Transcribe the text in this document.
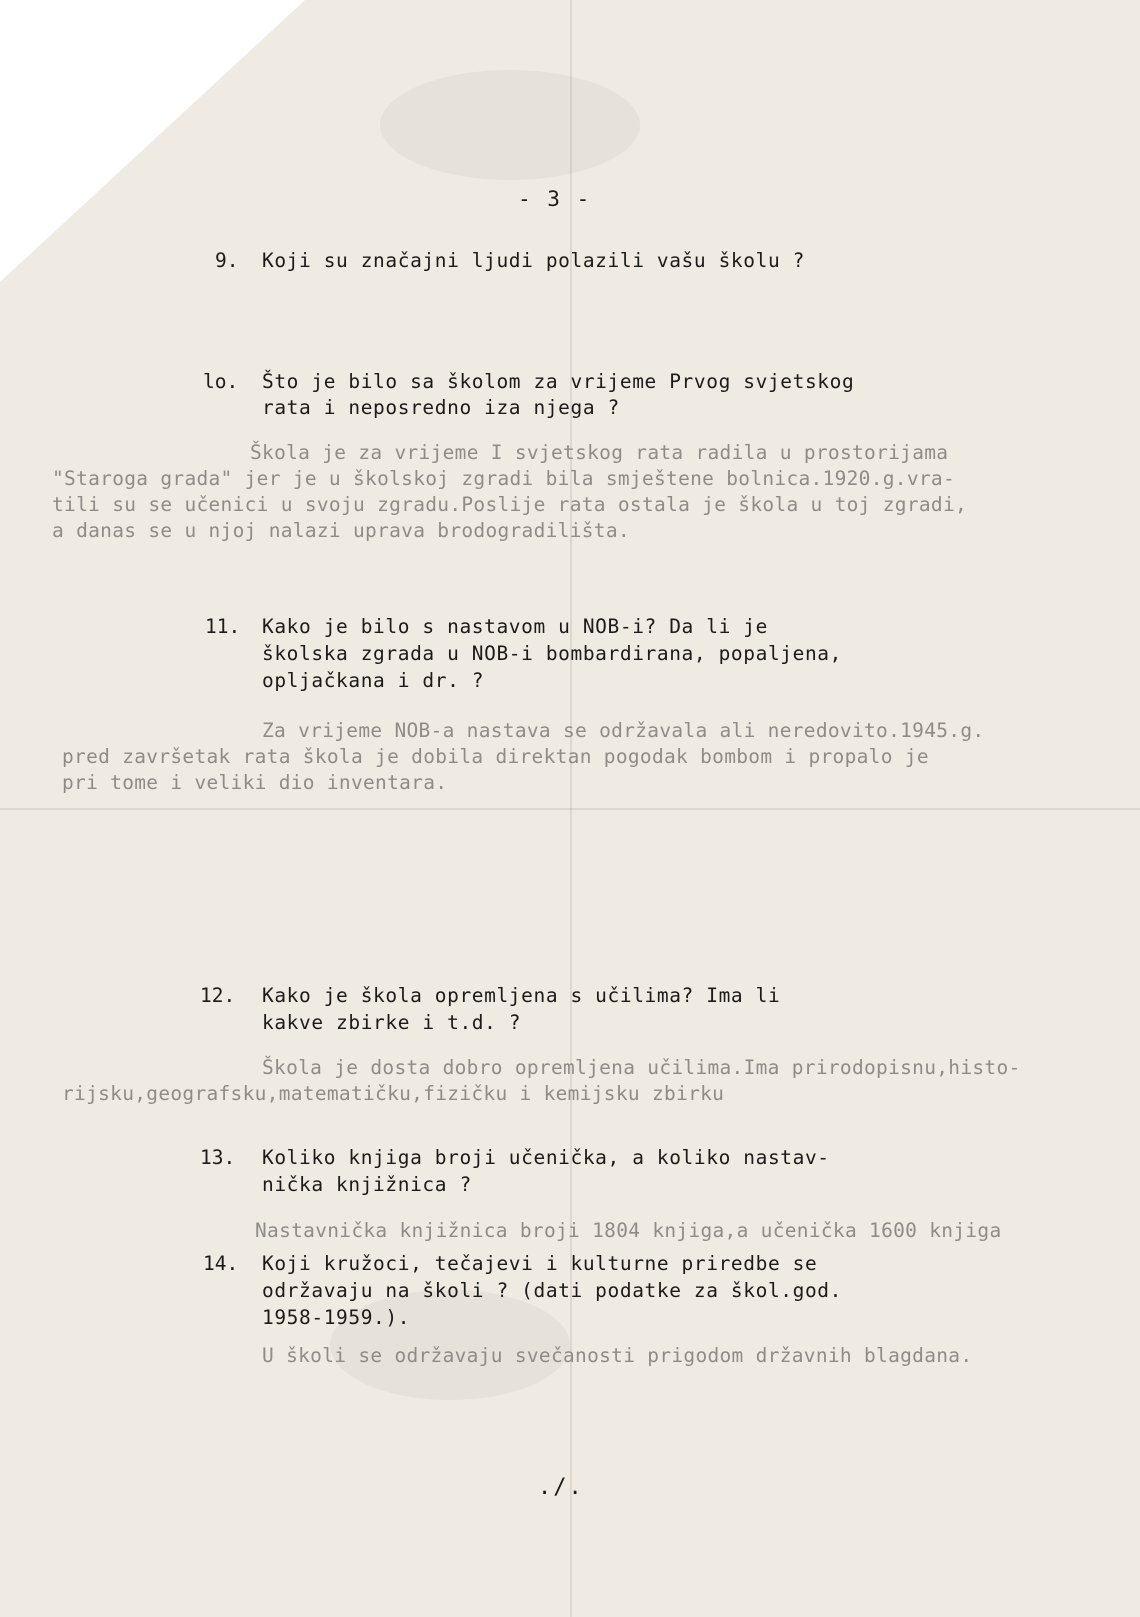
- 3 -
9. Koji su značajni ljudi polazili vašu školu ?
lo. Što je bilo sa školom za vrijeme Prvog svjetskog
rata i neposredno iza njega ?
Škola je za vrijeme I svjetskog rata radila u prostorijama
"Staroga grada" jer je u školskoj zgradi bila smještene bolnica.1920.g.vra-
tili su se učenici u svoju zgradu.Poslije rata ostala je škola u toj zgradi,
a danas se u njoj nalazi uprava brodogradilišta.
11. Kako je bilo s nastavom u NOB-i? Da li je
školska zgrada u NOB-i bombardirana, popaljena,
opljačkana i dr. ?
Za vrijeme NOB-a nastava se održavala ali neredovito.1945.g.
pred završetak rata škola je dobila direktan pogodak bombom i propalo je
pri tome i veliki dio inventara.
12. Kako je škola opremljena s učilima? Ima li
kakve zbirke i t.d. ?
Škola je dosta dobro opremljena učilima.Ima prirodopisnu,histo-
rijsku,geografsku,matematičku,fizičku i kemijsku zbirku
13. Koliko knjiga broji učenička, a koliko nastav-
nička knjižnica ?
Nastavnička knjižnica broji 1804 knjiga,a učenička 1600 knjiga
14. Koji kružoci, tečajevi i kulturne priredbe se
održavaju na školi ? (dati podatke za škol.god.
1958-1959.).
U školi se održavaju svečanosti prigodom državnih blagdana.
./.
